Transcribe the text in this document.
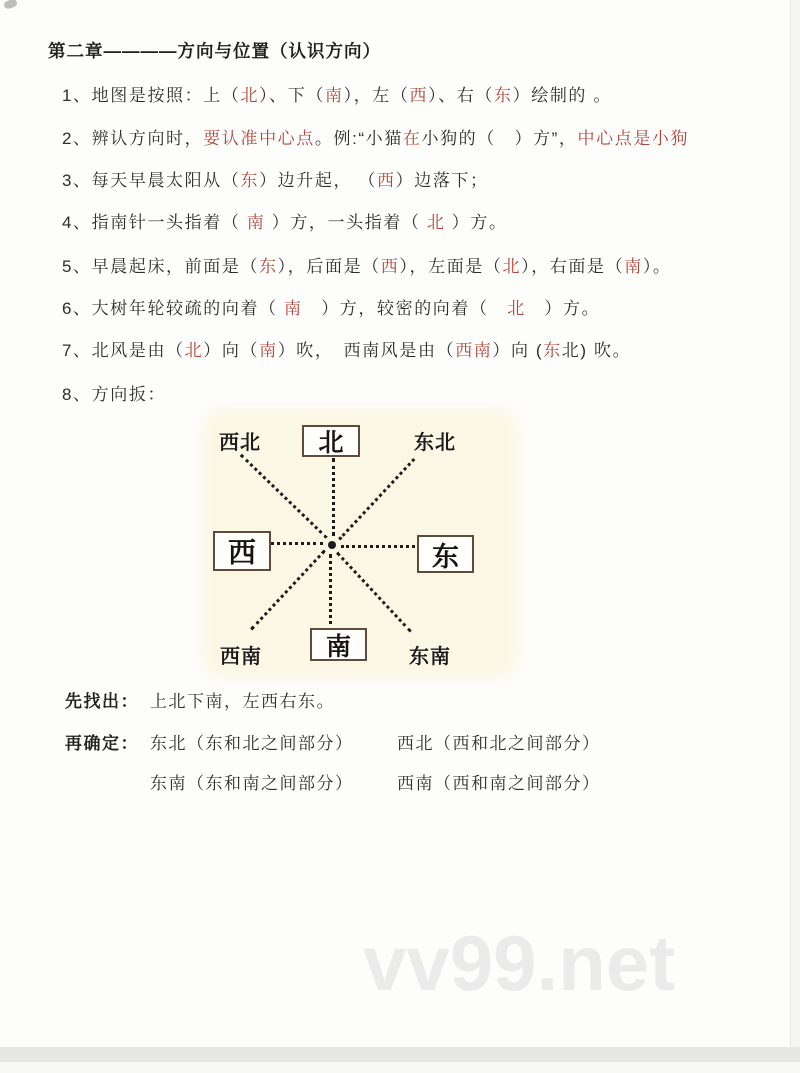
第二章————方向与位置（认识方向）
1、地图是按照：上（北）、下（南），左（西）、右（东）绘制的 。
2、辨认方向时，要认准中心点。例:“小猫在小狗的（　）方”，中心点是小狗
3、每天早晨太阳从（东）边升起， （西）边落下；
4、指南针一头指着（ 南 ）方，一头指着（ 北 ）方。
5、早晨起床，前面是（东），后面是（西），左面是（北），右面是（南）。
6、大树年轮较疏的向着（ 南　）方，较密的向着（　北　）方。
7、北风是由（北）向（南）吹，　西南风是由（西南）向 (东北) 吹。
8、方向扳：
北
西	东
南
西北	东北
西南	东南
先找出： 上北下南，左西右东。
再确定： 东北（东和北之间部分）	西北（西和北之间部分）
东南（东和南之间部分）	西南（西和南之间部分）
vv99.net
